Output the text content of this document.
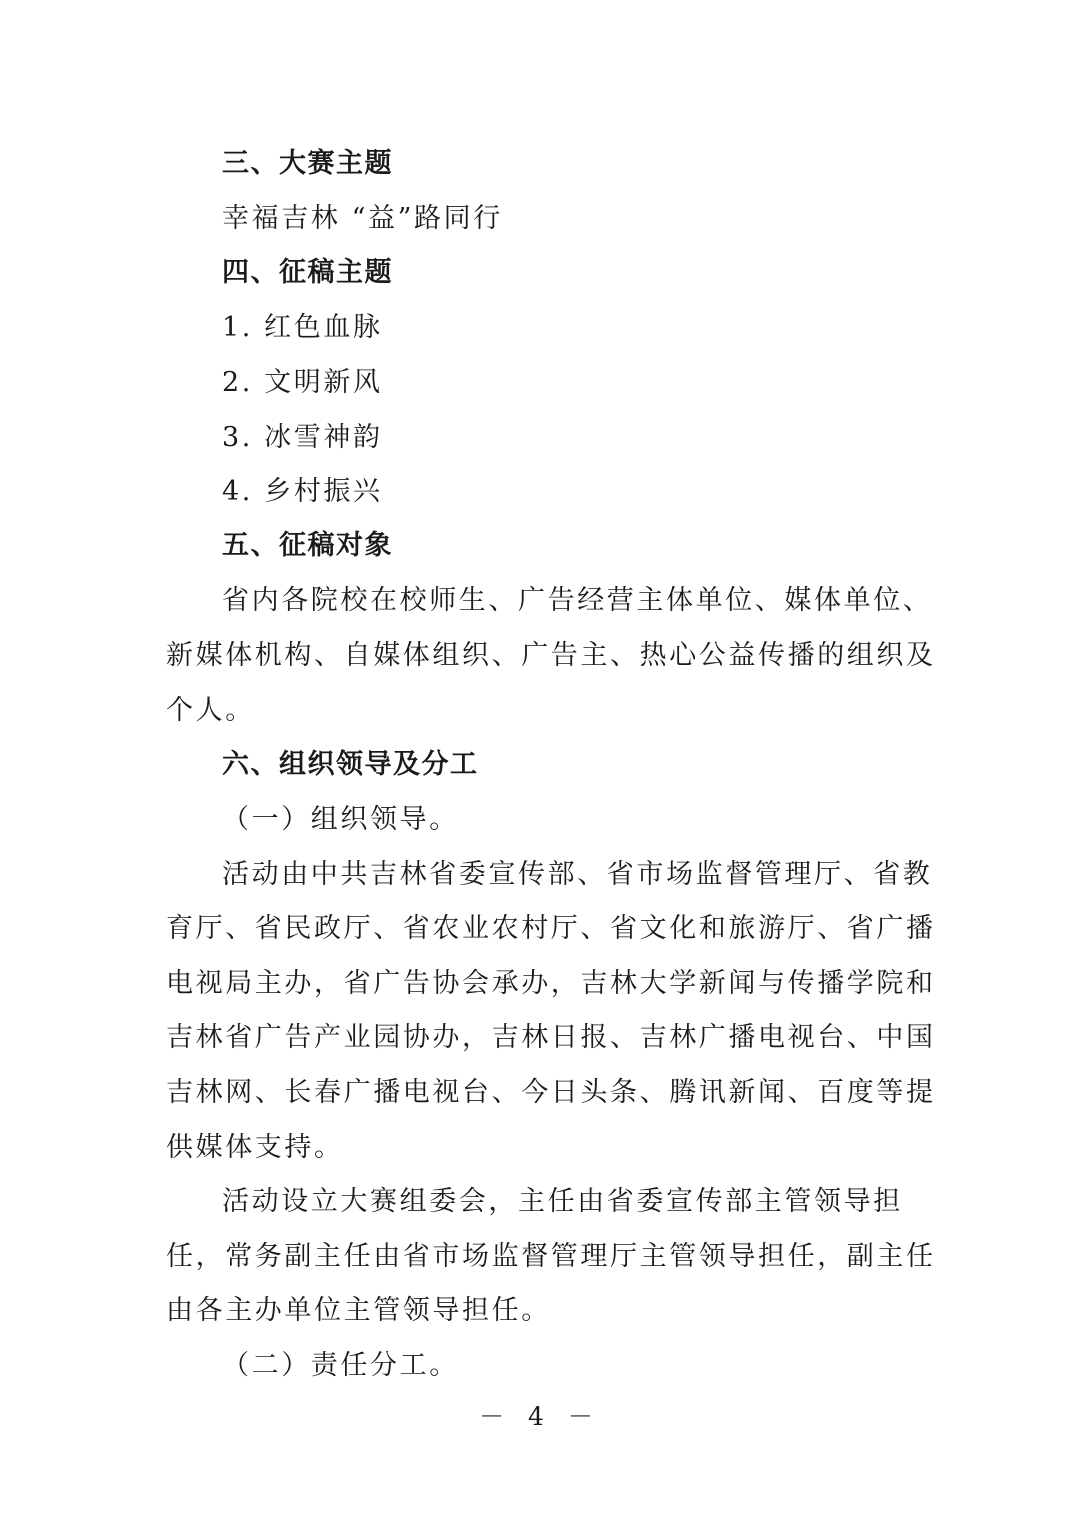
三、大赛主题
幸福吉林 “益”路同行
四、征稿主题
1. 红色血脉
2. 文明新风
3. 冰雪神韵
4. 乡村振兴
五、征稿对象
省内各院校在校师生、广告经营主体单位、媒体单位、
新媒体机构、自媒体组织、广告主、热心公益传播的组织及
个人。
六、组织领导及分工
（一）组织领导。
活动由中共吉林省委宣传部、省市场监督管理厅、省教
育厅、省民政厅、省农业农村厅、省文化和旅游厅、省广播
电视局主办，省广告协会承办，吉林大学新闻与传播学院和
吉林省广告产业园协办，吉林日报、吉林广播电视台、中国
吉林网、长春广播电视台、今日头条、腾讯新闻、百度等提
供媒体支持。
活动设立大赛组委会，主任由省委宣传部主管领导担
任，常务副主任由省市场监督管理厅主管领导担任，副主任
由各主办单位主管领导担任。
（二）责任分工。
－ 4 －
